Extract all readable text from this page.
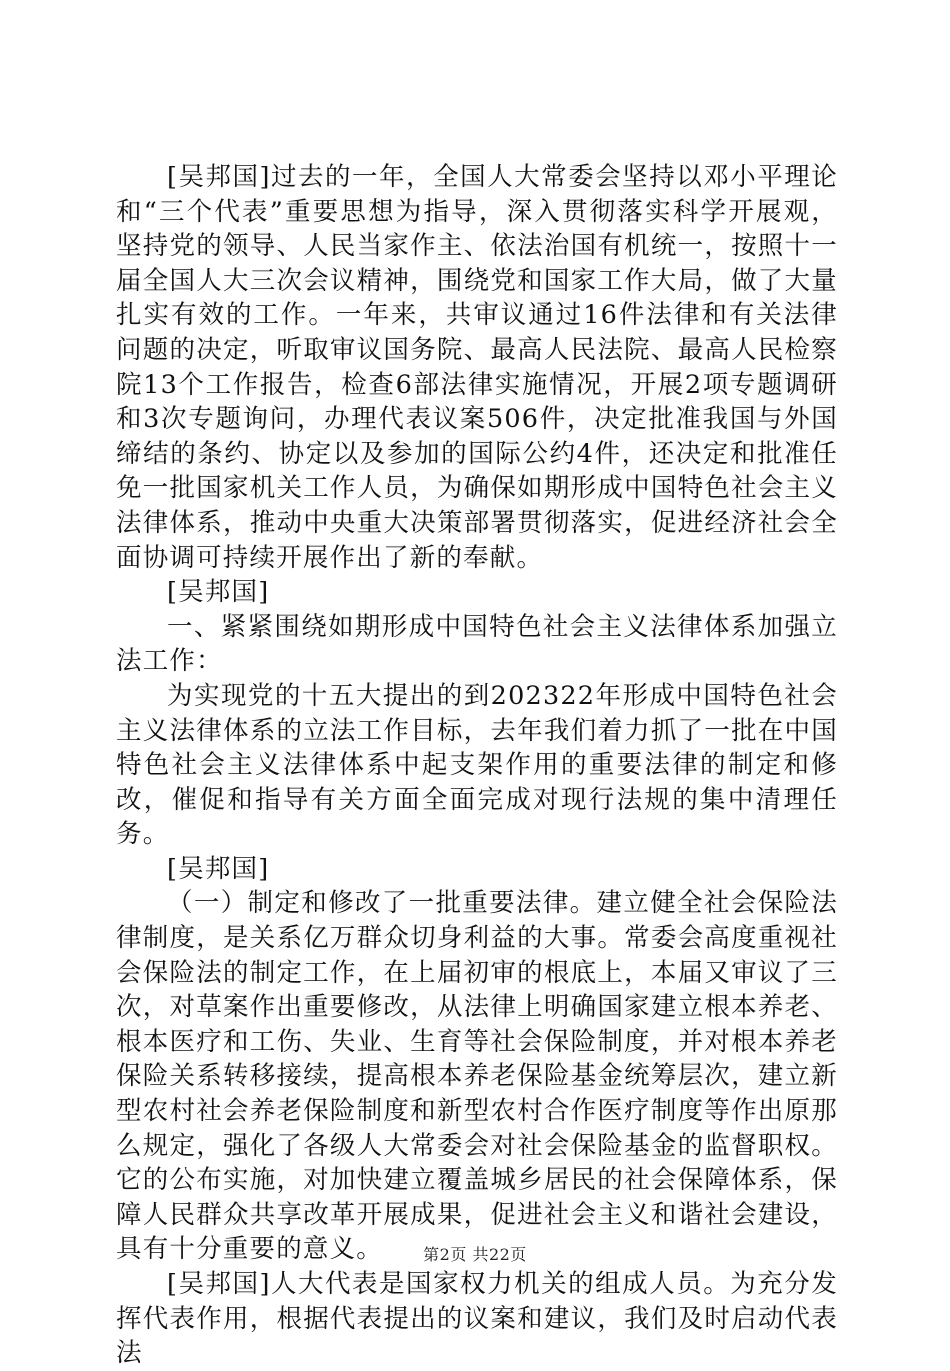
[吴邦国]过去的一年，全国人大常委会坚持以邓小平理论和“三个代表”重要思想为指导，深入贯彻落实科学开展观，坚持党的领导、人民当家作主、依法治国有机统一，按照十一届全国人大三次会议精神，围绕党和国家工作大局，做了大量扎实有效的工作。一年来，共审议通过16件法律和有关法律问题的决定，听取审议国务院、最高人民法院、最高人民检察院13个工作报告，检查6部法律实施情况，开展2项专题调研和3次专题询问，办理代表议案506件，决定批准我国与外国缔结的条约、协定以及参加的国际公约4件，还决定和批准任免一批国家机关工作人员，为确保如期形成中国特色社会主义法律体系，推动中央重大决策部署贯彻落实，促进经济社会全面协调可持续开展作出了新的奉献。

[吴邦国]

一、紧紧围绕如期形成中国特色社会主义法律体系加强立法工作：

为实现党的十五大提出的到202322年形成中国特色社会主义法律体系的立法工作目标，去年我们着力抓了一批在中国特色社会主义法律体系中起支架作用的重要法律的制定和修改，催促和指导有关方面全面完成对现行法规的集中清理任务。

[吴邦国]

（一）制定和修改了一批重要法律。建立健全社会保险法律制度，是关系亿万群众切身利益的大事。常委会高度重视社会保险法的制定工作，在上届初审的根底上，本届又审议了三次，对草案作出重要修改，从法律上明确国家建立根本养老、根本医疗和工伤、失业、生育等社会保险制度，并对根本养老保险关系转移接续，提高根本养老保险基金统筹层次，建立新型农村社会养老保险制度和新型农村合作医疗制度等作出原那么规定，强化了各级人大常委会对社会保险基金的监督职权。它的公布实施，对加快建立覆盖城乡居民的社会保障体系，保障人民群众共享改革开展成果，促进社会主义和谐社会建设，具有十分重要的意义。

[吴邦国]人大代表是国家权力机关的组成人员。为充分发挥代表作用，根据代表提出的议案和建议，我们及时启动代表法

第2页 共22页
